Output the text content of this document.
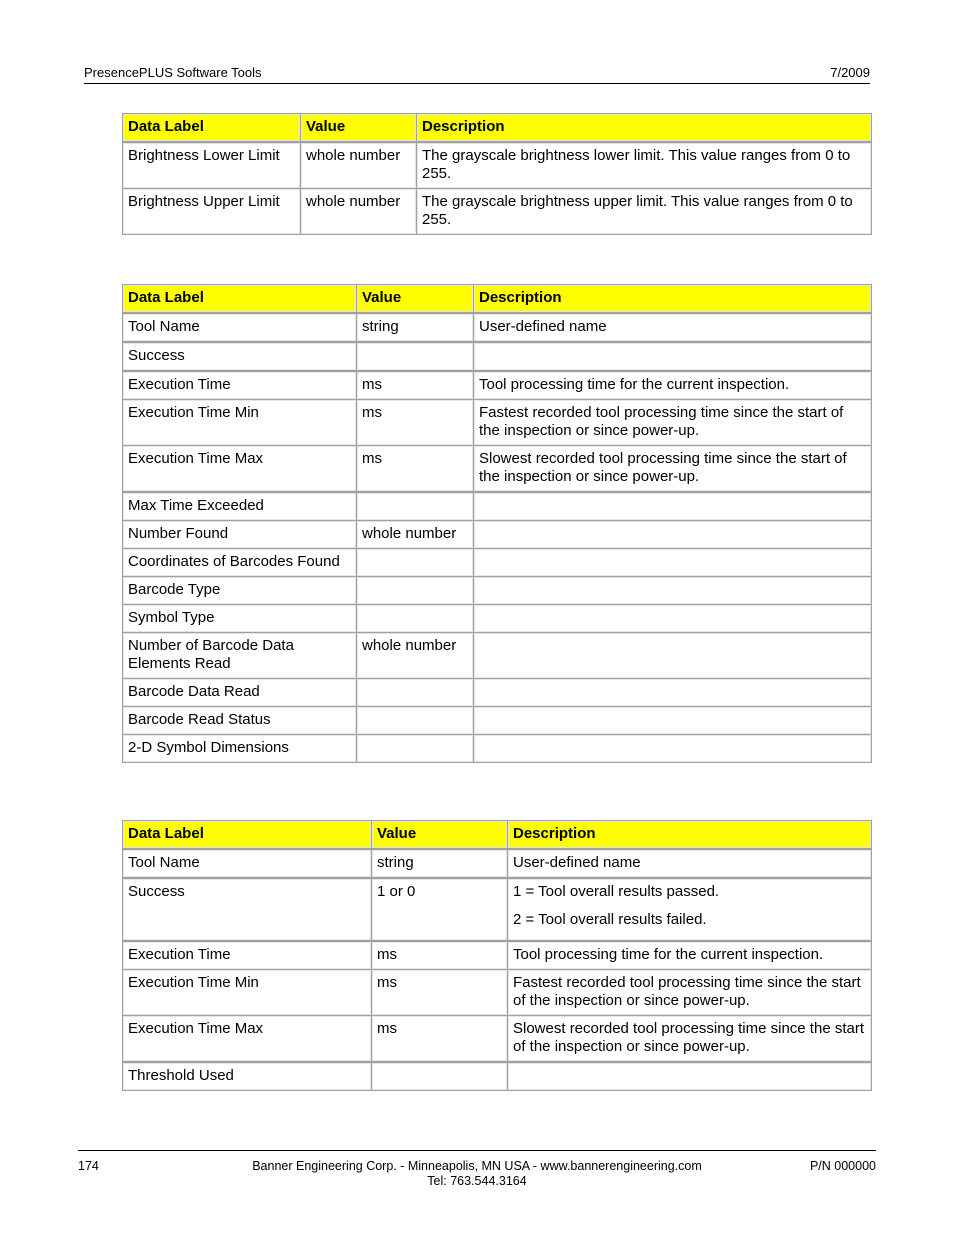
PresencePLUS Software Tools	7/2009
Data Label	Value	Description
Brightness Lower Limit	whole number	The grayscale brightness lower limit. This value ranges from 0 to 255.
Brightness Upper Limit	whole number	The grayscale brightness upper limit. This value ranges from 0 to 255.
Data Label	Value	Description
Tool Name	string	User-defined name
Success		
Execution Time	ms	Tool processing time for the current inspection.
Execution Time Min	ms	Fastest recorded tool processing time since the start of the inspection or since power-up.
Execution Time Max	ms	Slowest recorded tool processing time since the start of the inspection or since power-up.
Max Time Exceeded		
Number Found	whole number	
Coordinates of Barcodes Found		
Barcode Type		
Symbol Type		
Number of Barcode Data Elements Read	whole number	
Barcode Data Read		
Barcode Read Status		
2-D Symbol Dimensions		
Data Label	Value	Description
Tool Name	string	User-defined name
Success	1 or 0	1 = Tool overall results passed.
2 = Tool overall results failed.

Execution Time	ms	Tool processing time for the current inspection.
Execution Time Min	ms	Fastest recorded tool processing time since the start of the inspection or since power-up.
Execution Time Max	ms	Slowest recorded tool processing time since the start of the inspection or since power-up.
Threshold Used		
174	Banner Engineering Corp. - Minneapolis, MN USA - www.bannerengineering.com
Tel: 763.544.3164
P/N 000000
